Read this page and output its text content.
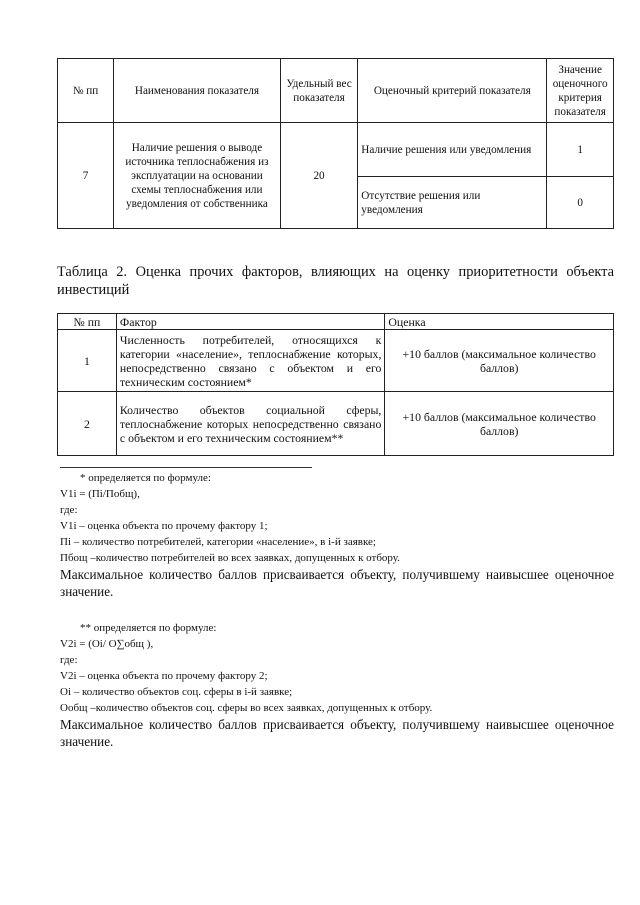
№ пп	Наименования показателя	Удельный вес показателя	Оценочный критерий показателя	Значение оценочного критерия показателя
7	Наличие решения о выводе источника теплоснабжения из эксплуатации на основании схемы теплоснабжения или уведомления от собственника	20	Наличие решения или уведомления	1
			Отсутствие решения или уведомления	0
Таблица 2. Оценка прочих факторов, влияющих на оценку приоритетности объекта инвестиций
№ пп	Фактор	Оценка
1	Численность потребителей, относящихся к категории «население», теплоснабжение которых, непосредственно связано с объектом и его техническим состоянием*	+10 баллов (максимальное количество баллов)
2	Количество объектов социальной сферы, теплоснабжение которых непосредственно связано с объектом и его техническим состоянием**	+10 баллов (максимальное количество баллов)

* определяется по формуле:

V1i = (Пi/Побщ),

где:

V1i – оценка объекта по прочему фактору 1;

Пi – количество потребителей, категории «население», в i-й заявке;

Пбощ –количество потребителей во всех заявках, допущенных к отбору.

Максимальное количество баллов присваивается объекту, получившему наивысшее оценочное значение.

** определяется по формуле:

V2i = (Oi/ O∑общ ),

где:

V2i – оценка объекта по прочему фактору 2;

Oi – количество объектов соц. сферы в i-й заявке;

Oобщ –количество объектов соц. сферы во всех заявках, допущенных к отбору.

Максимальное количество баллов присваивается объекту, получившему наивысшее оценочное значение.
